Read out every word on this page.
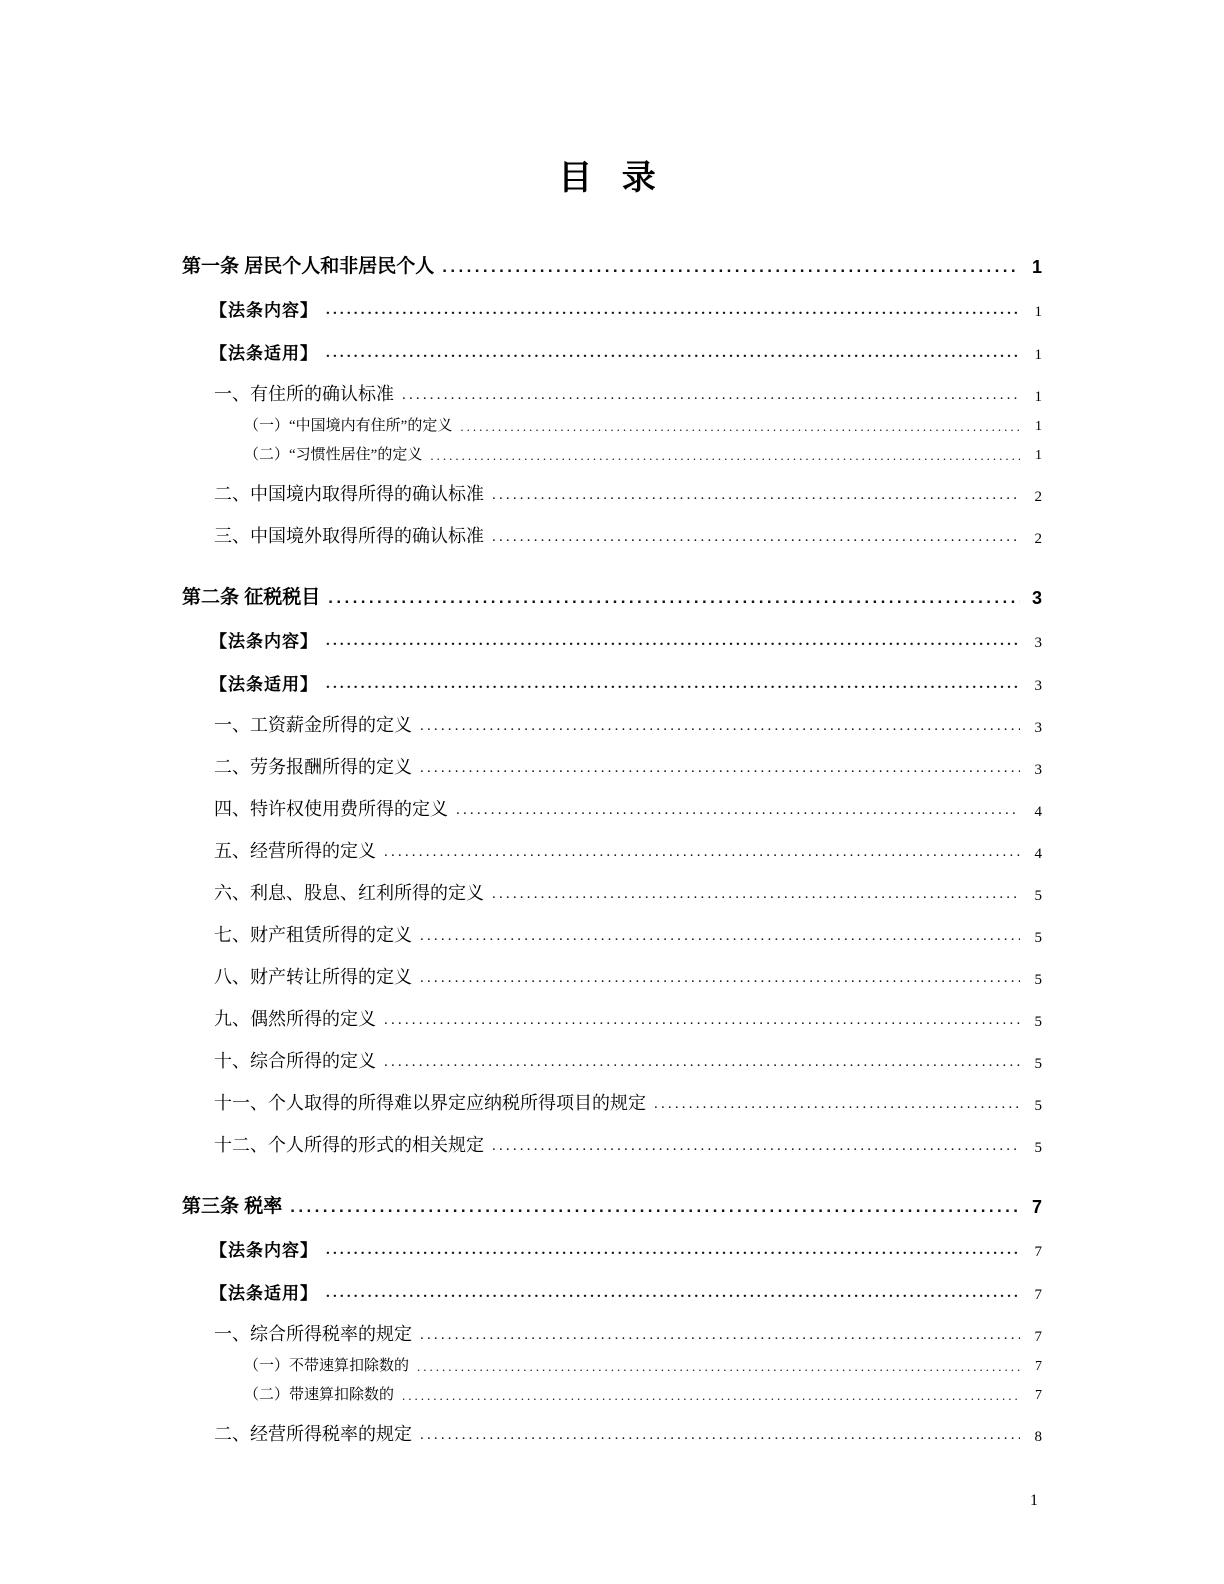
目 录
第一条 居民个人和非居民个人 .....	1
【法条内容】 .....	1
【法条适用】 .....	1
一、有住所的确认标准 .....	1
（一）“中国境内有住所”的定义 .....	1
（二）“习惯性居住”的定义 .....	1
二、中国境内取得所得的确认标准 .....	2
三、中国境外取得所得的确认标准 .....	2
第二条 征税税目 .....	3
【法条内容】 .....	3
【法条适用】 .....	3
一、工资薪金所得的定义 .....	3
二、劳务报酬所得的定义 .....	3
四、特许权使用费所得的定义 .....	4
五、经营所得的定义 .....	4
六、利息、股息、红利所得的定义 .....	5
七、财产租赁所得的定义 .....	5
八、财产转让所得的定义 .....	5
九、偶然所得的定义 .....	5
十、综合所得的定义 .....	5
十一、个人取得的所得难以界定应纳税所得项目的规定 .....	5
十二、个人所得的形式的相关规定 .....	5
第三条 税率 .....	7
【法条内容】 .....	7
【法条适用】 .....	7
一、综合所得税率的规定 .....	7
（一）不带速算扣除数的 .....	7
（二）带速算扣除数的 .....	7
二、经营所得税率的规定 .....	8
1
